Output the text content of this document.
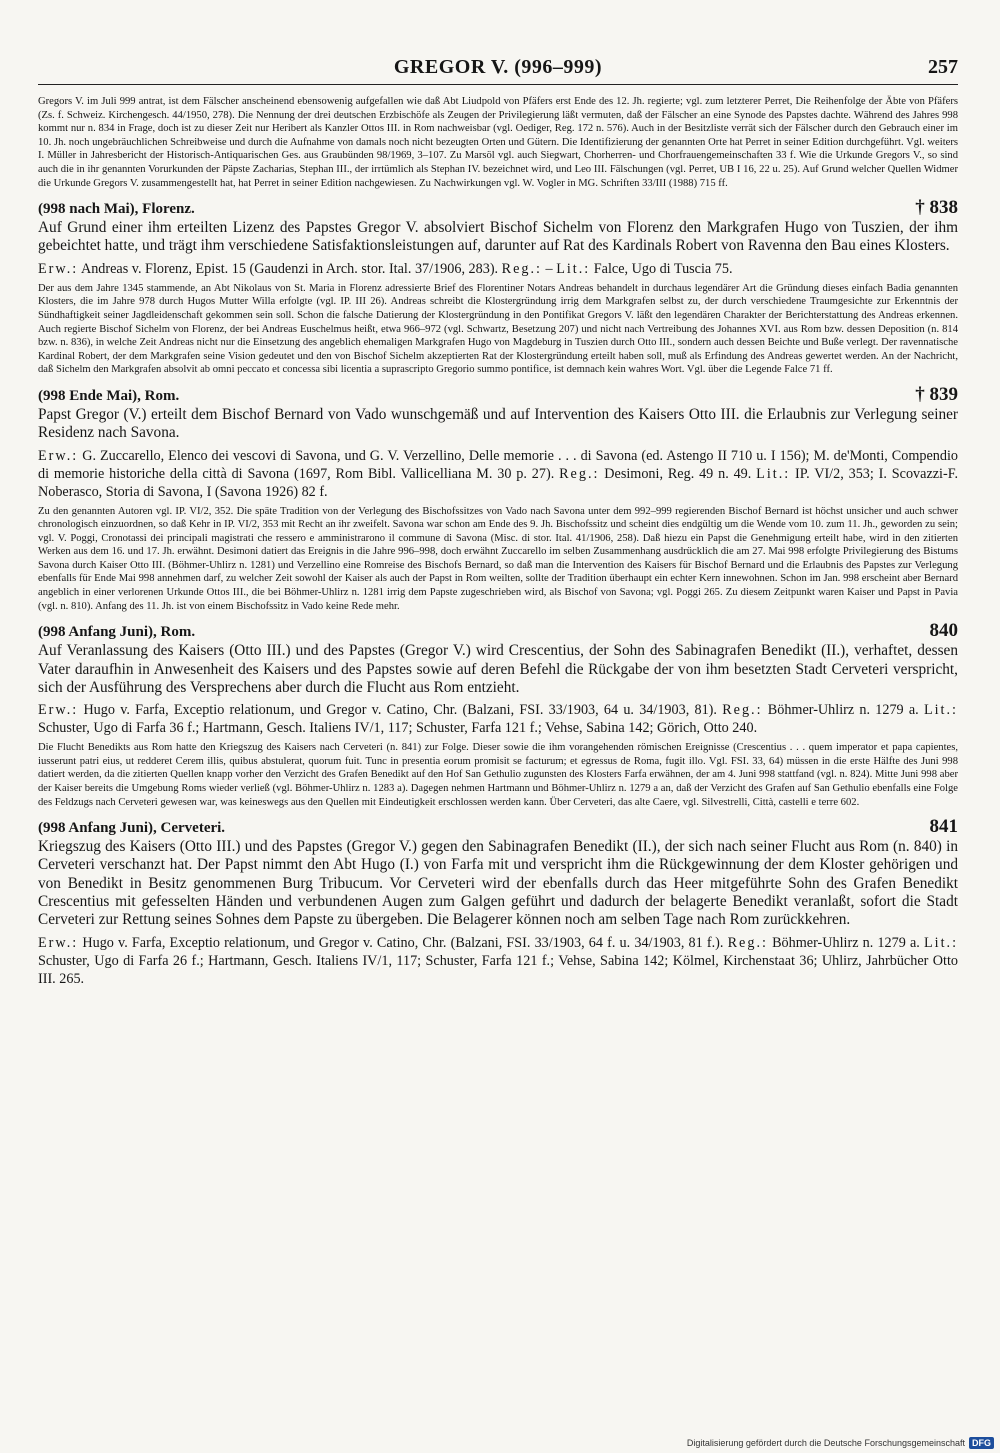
GREGOR V. (996–999)	257

Gregors V. im Juli 999 antrat, ist dem Fälscher anscheinend ebensowenig aufgefallen wie daß Abt Liudpold von Pfäfers erst Ende des 12. Jh. regierte; vgl. zum letzterer Perret, Die Reihenfolge der Äbte von Pfäfers (Zs. f. Schweiz. Kirchengesch. 44/1950, 278). Die Nennung der drei deutschen Erzbischöfe als Zeugen der Privilegierung läßt vermuten, daß der Fälscher an eine Synode des Papstes dachte. Während des Jahres 998 kommt nur n. 834 in Frage, doch ist zu dieser Zeit nur Heribert als Kanzler Ottos III. in Rom nachweisbar (vgl. Oediger, Reg. 172 n. 576). Auch in der Besitzliste verrät sich der Fälscher durch den Gebrauch einer im 10. Jh. noch ungebräuchlichen Schreibweise und durch die Aufnahme von damals noch nicht bezeugten Orten und Gütern. Die Identifizierung der genannten Orte hat Perret in seiner Edition durchgeführt. Vgl. weiters I. Müller in Jahresbericht der Historisch-Antiquarischen Ges. aus Graubünden 98/1969, 3–107. Zu Marsöl vgl. auch Siegwart, Chorherren- und Chorfrauengemeinschaften 33 f. Wie die Urkunde Gregors V., so sind auch die in ihr genannten Vorurkunden der Päpste Zacharias, Stephan III., der irrtümlich als Stephan IV. bezeichnet wird, und Leo III. Fälschungen (vgl. Perret, UB I 16, 22 u. 25). Auf Grund welcher Quellen Widmer die Urkunde Gregors V. zusammengestellt hat, hat Perret in seiner Edition nachgewiesen. Zu Nachwirkungen vgl. W. Vogler in MG. Schriften 33/III (1988) 715 ff.

(998 nach Mai), Florenz.	† 838

Auf Grund einer ihm erteilten Lizenz des Papstes Gregor V. absolviert Bischof Sichelm von Florenz den Markgrafen Hugo von Tuszien, der ihm gebeichtet hatte, und trägt ihm verschiedene Satisfaktionsleistungen auf, darunter auf Rat des Kardinals Robert von Ravenna den Bau eines Klosters.

Erw.: Andreas v. Florenz, Epist. 15 (Gaudenzi in Arch. stor. Ital. 37/1906, 283). Reg.: – Lit.: Falce, Ugo di Tuscia 75.

Der aus dem Jahre 1345 stammende, an Abt Nikolaus von St. Maria in Florenz adressierte Brief des Florentiner Notars Andreas behandelt in durchaus legendärer Art die Gründung dieses einfach Badia genannten Klosters, die im Jahre 978 durch Hugos Mutter Willa erfolgte (vgl. IP. III 26). Andreas schreibt die Klostergründung irrig dem Markgrafen selbst zu, der durch verschiedene Traumgesichte zur Erkenntnis der Sündhaftigkeit seiner Jagdleidenschaft gekommen sein soll. Schon die falsche Datierung der Klostergründung in den Pontifikat Gregors V. läßt den legendären Charakter der Berichterstattung des Andreas erkennen. Auch regierte Bischof Sichelm von Florenz, der bei Andreas Euschelmus heißt, etwa 966–972 (vgl. Schwartz, Besetzung 207) und nicht nach Vertreibung des Johannes XVI. aus Rom bzw. dessen Deposition (n. 814 bzw. n. 836), in welche Zeit Andreas nicht nur die Einsetzung des angeblich ehemaligen Markgrafen Hugo von Magdeburg in Tuszien durch Otto III., sondern auch dessen Beichte und Buße verlegt. Der ravennatische Kardinal Robert, der dem Markgrafen seine Vision gedeutet und den von Bischof Sichelm akzeptierten Rat der Klostergründung erteilt haben soll, muß als Erfindung des Andreas gewertet werden. An der Nachricht, daß Sichelm den Markgrafen absolvit ab omni peccato et concessa sibi licentia a suprascripto Gregorio summo pontifice, ist demnach kein wahres Wort. Vgl. über die Legende Falce 71 ff.

(998 Ende Mai), Rom.	† 839

Papst Gregor (V.) erteilt dem Bischof Bernard von Vado wunschgemäß und auf Intervention des Kaisers Otto III. die Erlaubnis zur Verlegung seiner Residenz nach Savona.

Erw.: G. Zuccarello, Elenco dei vescovi di Savona, und G. V. Verzellino, Delle memorie . . . di Savona (ed. Astengo II 710 u. I 156); M. de'Monti, Compendio di memorie historiche della città di Savona (1697, Rom Bibl. Vallicelliana M. 30 p. 27). Reg.: Desimoni, Reg. 49 n. 49. Lit.: IP. VI/2, 353; I. Scovazzi-F. Noberasco, Storia di Savona, I (Savona 1926) 82 f.

Zu den genannten Autoren vgl. IP. VI/2, 352. Die späte Tradition von der Verlegung des Bischofssitzes von Vado nach Savona unter dem 992–999 regierenden Bischof Bernard ist höchst unsicher und auch schwer chronologisch einzuordnen, so daß Kehr in IP. VI/2, 353 mit Recht an ihr zweifelt. Savona war schon am Ende des 9. Jh. Bischofssitz und scheint dies endgültig um die Wende vom 10. zum 11. Jh., geworden zu sein; vgl. V. Poggi, Cronotassi dei principali magistrati che ressero e amministrarono il commune di Savona (Misc. di stor. Ital. 41/1906, 258). Daß hiezu ein Papst die Genehmigung erteilt habe, wird in den zitierten Werken aus dem 16. und 17. Jh. erwähnt. Desimoni datiert das Ereignis in die Jahre 996–998, doch erwähnt Zuccarello im selben Zusammenhang ausdrücklich die am 27. Mai 998 erfolgte Privilegierung des Bistums Savona durch Kaiser Otto III. (Böhmer-Uhlirz n. 1281) und Verzellino eine Romreise des Bischofs Bernard, so daß man die Intervention des Kaisers für Bischof Bernard und die Erlaubnis des Papstes zur Verlegung ebenfalls für Ende Mai 998 annehmen darf, zu welcher Zeit sowohl der Kaiser als auch der Papst in Rom weilten, sollte der Tradition überhaupt ein echter Kern innewohnen. Schon im Jan. 998 erscheint aber Bernard angeblich in einer verlorenen Urkunde Ottos III., die bei Böhmer-Uhlirz n. 1281 irrig dem Papste zugeschrieben wird, als Bischof von Savona; vgl. Poggi 265. Zu diesem Zeitpunkt waren Kaiser und Papst in Pavia (vgl. n. 810). Anfang des 11. Jh. ist von einem Bischofssitz in Vado keine Rede mehr.

(998 Anfang Juni), Rom.	840

Auf Veranlassung des Kaisers (Otto III.) und des Papstes (Gregor V.) wird Crescentius, der Sohn des Sabinagrafen Benedikt (II.), verhaftet, dessen Vater daraufhin in Anwesenheit des Kaisers und des Papstes sowie auf deren Befehl die Rückgabe der von ihm besetzten Stadt Cerveteri verspricht, sich der Ausführung des Versprechens aber durch die Flucht aus Rom entzieht.

Erw.: Hugo v. Farfa, Exceptio relationum, und Gregor v. Catino, Chr. (Balzani, FSI. 33/1903, 64 u. 34/1903, 81). Reg.: Böhmer-Uhlirz n. 1279 a. Lit.: Schuster, Ugo di Farfa 36 f.; Hartmann, Gesch. Italiens IV/1, 117; Schuster, Farfa 121 f.; Vehse, Sabina 142; Görich, Otto 240.

Die Flucht Benedikts aus Rom hatte den Kriegszug des Kaisers nach Cerveteri (n. 841) zur Folge. Dieser sowie die ihm vorangehenden römischen Ereignisse (Crescentius . . . quem imperator et papa capientes, iusserunt patri eius, ut redderet Cerem illis, quibus abstulerat, quorum fuit. Tunc in presentia eorum promisit se facturum; et egressus de Roma, fugit illo. Vgl. FSI. 33, 64) müssen in die erste Hälfte des Juni 998 datiert werden, da die zitierten Quellen knapp vorher den Verzicht des Grafen Benedikt auf den Hof San Gethulio zugunsten des Klosters Farfa erwähnen, der am 4. Juni 998 stattfand (vgl. n. 824). Mitte Juni 998 aber der Kaiser bereits die Umgebung Roms wieder verließ (vgl. Böhmer-Uhlirz n. 1283 a). Dagegen nehmen Hartmann und Böhmer-Uhlirz n. 1279 a an, daß der Verzicht des Grafen auf San Gethulio ebenfalls eine Folge des Feldzugs nach Cerveteri gewesen war, was keineswegs aus den Quellen mit Eindeutigkeit erschlossen werden kann. Über Cerveteri, das alte Caere, vgl. Silvestrelli, Città, castelli e terre 602.

(998 Anfang Juni), Cerveteri.	841

Kriegszug des Kaisers (Otto III.) und des Papstes (Gregor V.) gegen den Sabinagrafen Benedikt (II.), der sich nach seiner Flucht aus Rom (n. 840) in Cerveteri verschanzt hat. Der Papst nimmt den Abt Hugo (I.) von Farfa mit und verspricht ihm die Rückgewinnung der dem Kloster gehörigen und von Benedikt in Besitz genommenen Burg Tribucum. Vor Cerveteri wird der ebenfalls durch das Heer mitgeführte Sohn des Grafen Benedikt Crescentius mit gefesselten Händen und verbundenen Augen zum Galgen geführt und dadurch der belagerte Benedikt veranlaßt, sofort die Stadt Cerveteri zur Rettung seines Sohnes dem Papste zu übergeben. Die Belagerer können noch am selben Tage nach Rom zurückkehren.

Erw.: Hugo v. Farfa, Exceptio relationum, und Gregor v. Catino, Chr. (Balzani, FSI. 33/1903, 64 f. u. 34/1903, 81 f.). Reg.: Böhmer-Uhlirz n. 1279 a. Lit.: Schuster, Ugo di Farfa 26 f.; Hartmann, Gesch. Italiens IV/1, 117; Schuster, Farfa 121 f.; Vehse, Sabina 142; Kölmel, Kirchenstaat 36; Uhlirz, Jahrbücher Otto III. 265.

Digitalisierung gefördert durch die Deutsche Forschungsgemeinschaft DFG
